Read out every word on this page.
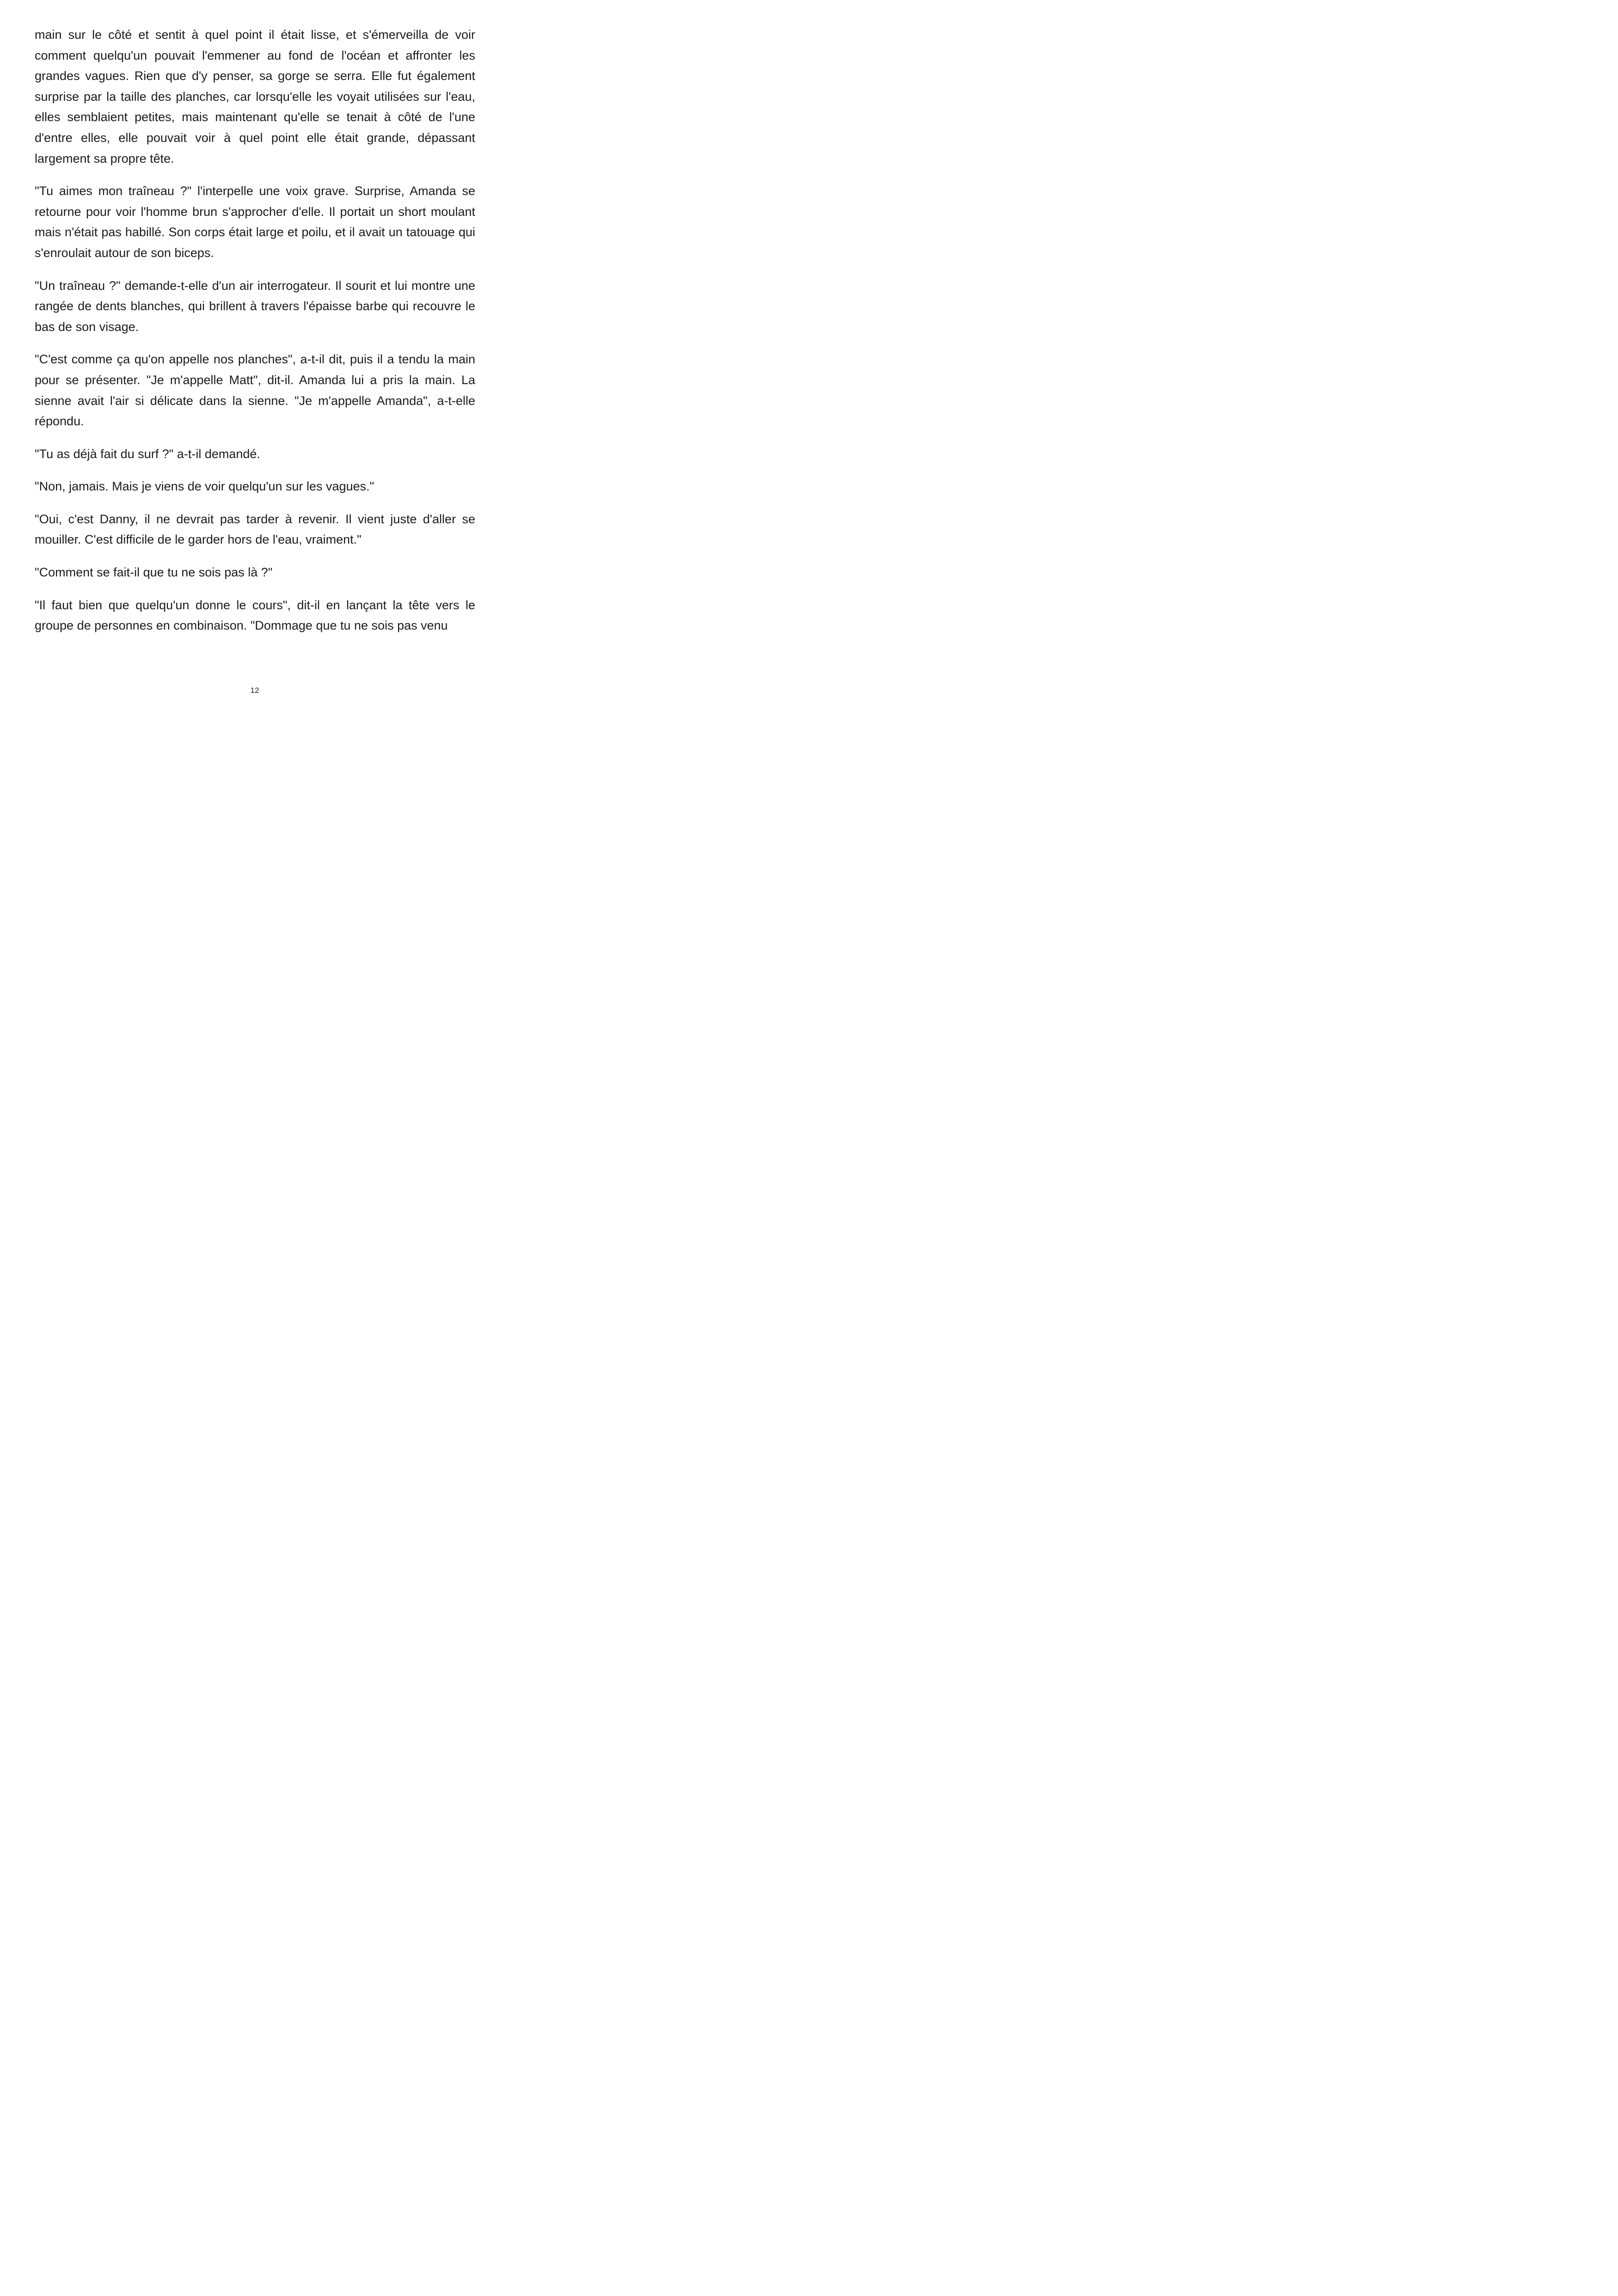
main sur le côté et sentit à quel point il était lisse, et s'émerveilla de voir comment quelqu'un pouvait l'emmener au fond de l'océan et affronter les grandes vagues. Rien que d'y penser, sa gorge se serra. Elle fut également surprise par la taille des planches, car lorsqu'elle les voyait utilisées sur l'eau, elles semblaient petites, mais maintenant qu'elle se tenait à côté de l'une d'entre elles, elle pouvait voir à quel point elle était grande, dépassant largement sa propre tête.

"Tu aimes mon traîneau ?" l'interpelle une voix grave. Surprise, Amanda se retourne pour voir l'homme brun s'approcher d'elle. Il portait un short moulant mais n'était pas habillé. Son corps était large et poilu, et il avait un tatouage qui s'enroulait autour de son biceps.

"Un traîneau ?" demande-t-elle d'un air interrogateur. Il sourit et lui montre une rangée de dents blanches, qui brillent à travers l'épaisse barbe qui recouvre le bas de son visage.

"C'est comme ça qu'on appelle nos planches", a-t-il dit, puis il a tendu la main pour se présenter. "Je m'appelle Matt", dit-il. Amanda lui a pris la main. La sienne avait l'air si délicate dans la sienne. "Je m'appelle Amanda", a-t-elle répondu.

"Tu as déjà fait du surf ?" a-t-il demandé.

"Non, jamais. Mais je viens de voir quelqu'un sur les vagues."

"Oui, c'est Danny, il ne devrait pas tarder à revenir. Il vient juste d'aller se mouiller. C'est difficile de le garder hors de l'eau, vraiment."

"Comment se fait-il que tu ne sois pas là ?"

"Il faut bien que quelqu'un donne le cours", dit-il en lançant la tête vers le groupe de personnes en combinaison. "Dommage que tu ne sois pas venu

12
